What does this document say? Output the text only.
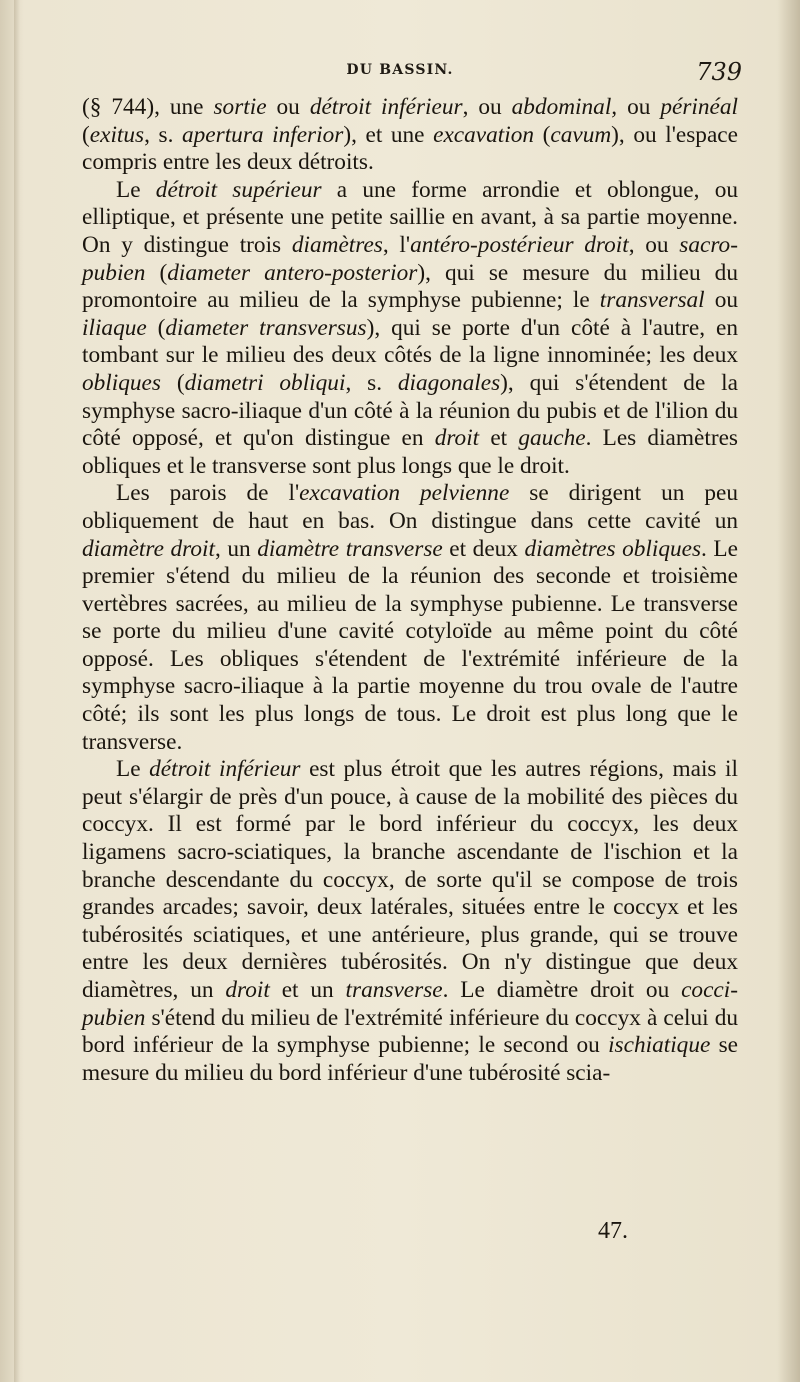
DU BASSIN.	739

(§ 744), une sortie ou détroit inférieur, ou abdominal, ou périnéal (exitus, s. apertura inferior), et une excavation (cavum), ou l'espace compris entre les deux détroits.

Le détroit supérieur a une forme arrondie et oblongue, ou elliptique, et présente une petite saillie en avant, à sa partie moyenne. On y distingue trois diamètres, l'antéro-postérieur droit, ou sacro-pubien (diameter antero-posterior), qui se mesure du milieu du promontoire au milieu de la symphyse pubienne; le transversal ou iliaque (diameter transversus), qui se porte d'un côté à l'autre, en tombant sur le milieu des deux côtés de la ligne innominée; les deux obliques (diametri obliqui, s. diagonales), qui s'étendent de la symphyse sacro-iliaque d'un côté à la réunion du pubis et de l'ilion du côté opposé, et qu'on distingue en droit et gauche. Les diamètres obliques et le transverse sont plus longs que le droit.

Les parois de l'excavation pelvienne se dirigent un peu obliquement de haut en bas. On distingue dans cette cavité un diamètre droit, un diamètre transverse et deux diamètres obliques. Le premier s'étend du milieu de la réunion des seconde et troisième vertèbres sacrées, au milieu de la symphyse pubienne. Le transverse se porte du milieu d'une cavité cotyloïde au même point du côté opposé. Les obliques s'étendent de l'extrémité inférieure de la symphyse sacro-iliaque à la partie moyenne du trou ovale de l'autre côté; ils sont les plus longs de tous. Le droit est plus long que le transverse.

Le détroit inférieur est plus étroit que les autres régions, mais il peut s'élargir de près d'un pouce, à cause de la mobilité des pièces du coccyx. Il est formé par le bord inférieur du coccyx, les deux ligamens sacro-sciatiques, la branche ascendante de l'ischion et la branche descendante du coccyx, de sorte qu'il se compose de trois grandes arcades; savoir, deux latérales, situées entre le coccyx et les tubérosités sciatiques, et une antérieure, plus grande, qui se trouve entre les deux dernières tubérosités. On n'y distingue que deux diamètres, un droit et un transverse. Le diamètre droit ou cocci-pubien s'étend du milieu de l'extrémité inférieure du coccyx à celui du bord inférieur de la symphyse pubienne; le second ou ischiatique se mesure du milieu du bord inférieur d'une tubérosité scia-

47.
